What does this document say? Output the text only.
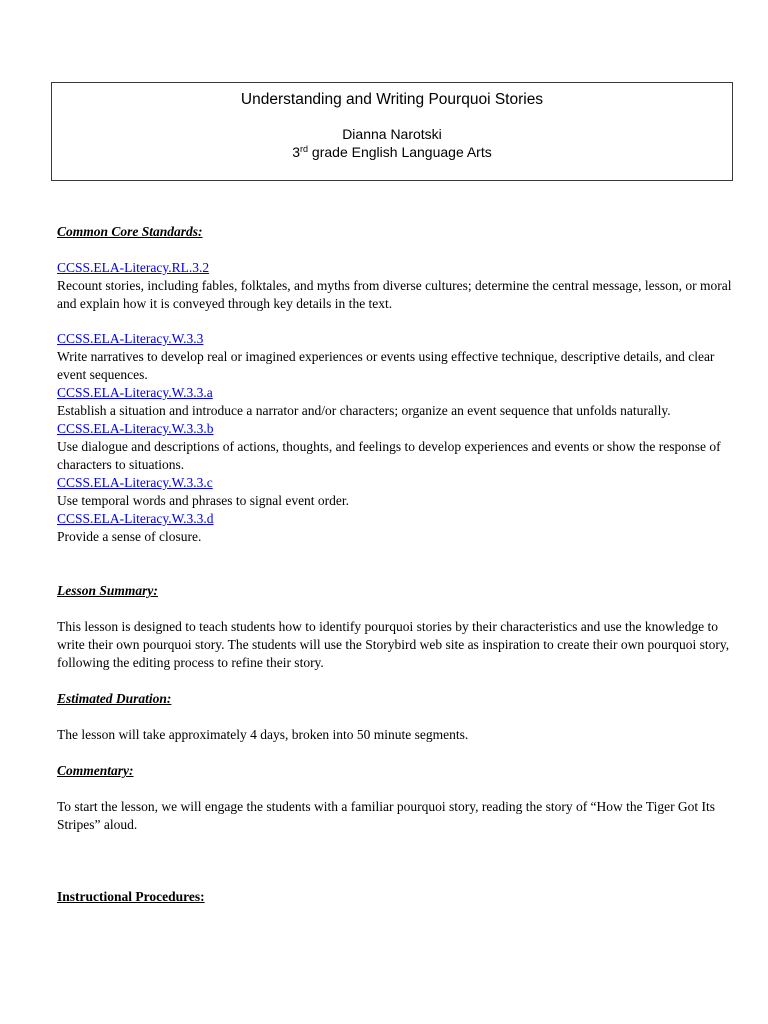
Understanding and Writing Pourquoi Stories
Dianna Narotski
3rd grade English Language Arts

Common Core Standards:

CCSS.ELA-Literacy.RL.3.2

Recount stories, including fables, folktales, and myths from diverse cultures; determine the central message, lesson, or moral and explain how it is conveyed through key details in the text.

CCSS.ELA-Literacy.W.3.3

Write narratives to develop real or imagined experiences or events using effective technique, descriptive details, and clear event sequences.

CCSS.ELA-Literacy.W.3.3.a

Establish a situation and introduce a narrator and/or characters; organize an event sequence that unfolds naturally.

CCSS.ELA-Literacy.W.3.3.b

Use dialogue and descriptions of actions, thoughts, and feelings to develop experiences and events or show the response of characters to situations.

CCSS.ELA-Literacy.W.3.3.c

Use temporal words and phrases to signal event order.

CCSS.ELA-Literacy.W.3.3.d

Provide a sense of closure.

Lesson Summary:

This lesson is designed to teach students how to identify pourquoi stories by their characteristics and use the knowledge to write their own pourquoi story. The students will use the Storybird web site as inspiration to create their own pourquoi story, following the editing process to refine their story.

Estimated Duration:

The lesson will take approximately 4 days, broken into 50 minute segments.

Commentary:

To start the lesson, we will engage the students with a familiar pourquoi story, reading the story of “How the Tiger Got Its Stripes” aloud.

Instructional Procedures:
